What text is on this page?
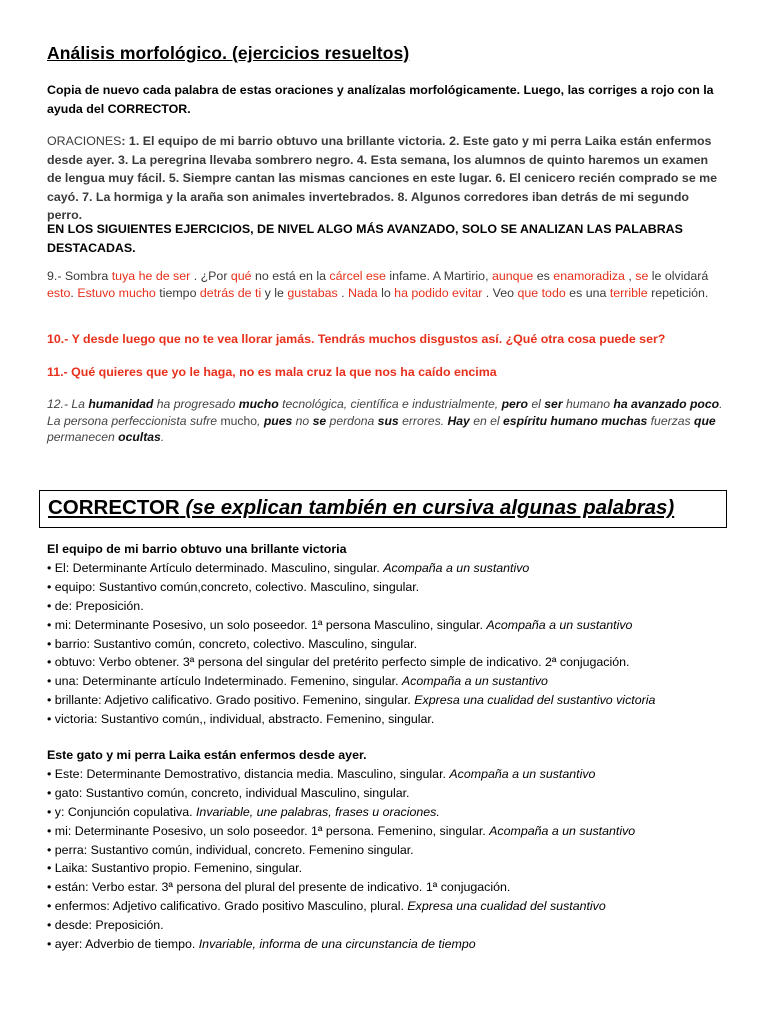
Análisis morfológico. (ejercicios resueltos)
Copia de nuevo cada palabra de estas oraciones y analízalas morfológicamente. Luego, las corriges a rojo con la ayuda del CORRECTOR.
ORACIONES: 1. El equipo de mi barrio obtuvo una brillante victoria. 2. Este gato y mi perra Laika están enfermos desde ayer. 3. La peregrina llevaba sombrero negro. 4. Esta semana, los alumnos de quinto haremos un examen de lengua muy fácil. 5. Siempre cantan las mismas canciones en este lugar. 6. El cenicero recién comprado se me cayó. 7. La hormiga y la araña son animales invertebrados. 8. Algunos corredores iban detrás de mi segundo perro.
EN LOS SIGUIENTES EJERCICIOS, DE NIVEL ALGO MÁS AVANZADO, SOLO SE ANALIZAN LAS PALABRAS DESTACADAS.
9.- Sombra tuya he de ser . ¿Por qué no está en la cárcel ese infame. A Martirio, aunque es enamoradiza , se le olvidará esto. Estuvo mucho tiempo detrás de ti y le gustabas . Nada lo ha podido evitar . Veo que todo es una terrible repetición.
10.- Y desde luego que no te vea llorar jamás. Tendrás muchos disgustos así. ¿Qué otra cosa puede ser?
11.- Qué quieres que yo le haga, no es mala cruz la que nos ha caído encima
12.- La humanidad ha progresado mucho tecnológica, científica e industrialmente, pero el ser humano ha avanzado poco. La persona perfeccionista sufre mucho, pues no se perdona sus errores. Hay en el espíritu humano muchas fuerzas que permanecen ocultas.
CORRECTOR (se explican también en cursiva algunas palabras)
El equipo de mi barrio obtuvo una brillante victoria
• El: Determinante Artículo determinado. Masculino, singular. Acompaña a un sustantivo
• equipo: Sustantivo común,concreto, colectivo. Masculino, singular.
• de: Preposición.
• mi: Determinante Posesivo, un solo poseedor. 1ª persona Masculino, singular. Acompaña a un sustantivo
• barrio: Sustantivo común, concreto, colectivo. Masculino, singular.
• obtuvo: Verbo obtener. 3ª persona del singular del pretérito perfecto simple de indicativo. 2ª conjugación.
• una: Determinante artículo Indeterminado. Femenino, singular. Acompaña a un sustantivo
• brillante: Adjetivo calificativo. Grado positivo. Femenino, singular. Expresa una cualidad del sustantivo victoria
• victoria: Sustantivo común,, individual, abstracto. Femenino, singular.
Este gato y mi perra Laika están enfermos desde ayer.
• Este: Determinante Demostrativo, distancia media. Masculino, singular. Acompaña a un sustantivo
• gato: Sustantivo común, concreto, individual Masculino, singular.
• y: Conjunción copulativa. Invariable, une palabras, frases u oraciones.
• mi: Determinante Posesivo, un solo poseedor. 1ª persona. Femenino, singular. Acompaña a un sustantivo
• perra: Sustantivo común, individual, concreto. Femenino singular.
• Laika: Sustantivo propio. Femenino, singular.
• están: Verbo estar. 3ª persona del plural del presente de indicativo. 1ª conjugación.
• enfermos: Adjetivo calificativo. Grado positivo Masculino, plural. Expresa una cualidad del sustantivo
• desde: Preposición.
• ayer: Adverbio de tiempo. Invariable, informa de una circunstancia de tiempo
